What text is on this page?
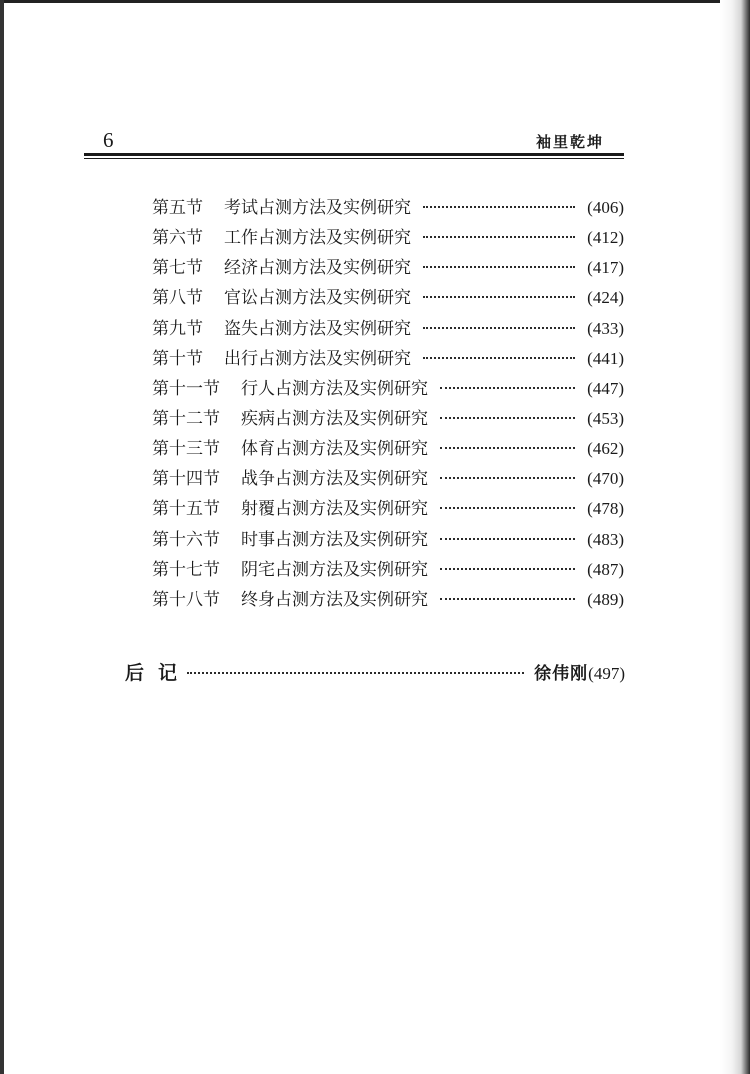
6	袖里乾坤
第五节 考试占测方法及实例研究	(406)
第六节 工作占测方法及实例研究	(412)
第七节 经济占测方法及实例研究	(417)
第八节 官讼占测方法及实例研究	(424)
第九节 盗失占测方法及实例研究	(433)
第十节 出行占测方法及实例研究	(441)
第十一节 行人占测方法及实例研究	(447)
第十二节 疾病占测方法及实例研究	(453)
第十三节 体育占测方法及实例研究	(462)
第十四节 战争占测方法及实例研究	(470)
第十五节 射覆占测方法及实例研究	(478)
第十六节 时事占测方法及实例研究	(483)
第十七节 阴宅占测方法及实例研究	(487)
第十八节 终身占测方法及实例研究	(489)
后记	徐伟刚 (497)
